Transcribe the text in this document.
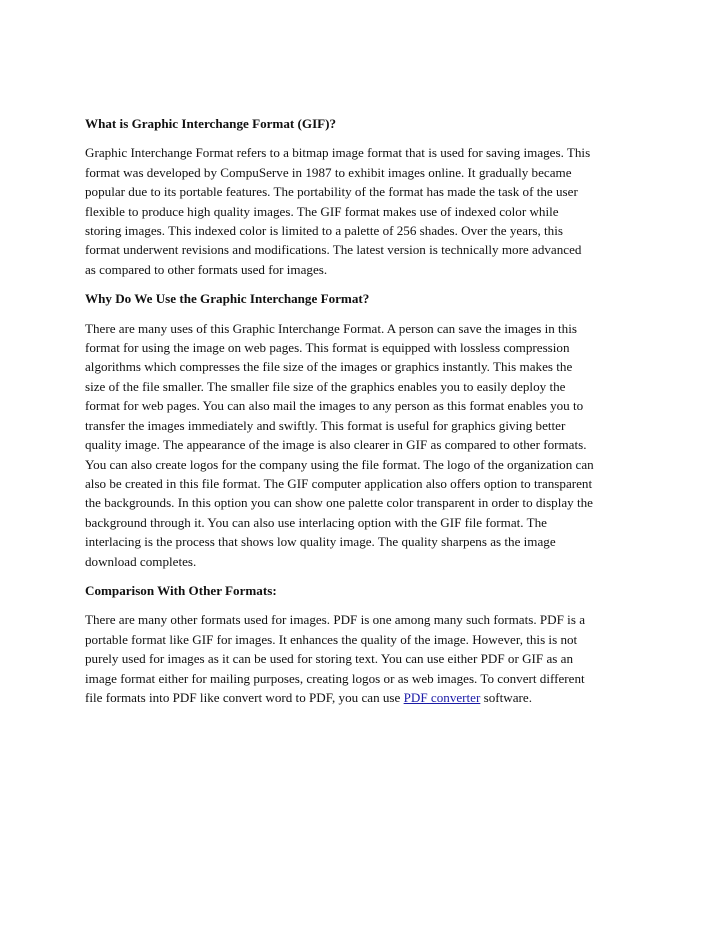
What is Graphic Interchange Format (GIF)?
Graphic Interchange Format refers to a bitmap image format that is used for saving images. This
format was developed by CompuServe in 1987 to exhibit images online. It gradually became
popular due to its portable features. The portability of the format has made the task of the user
flexible to produce high quality images. The GIF format makes use of indexed color while
storing images. This indexed color is limited to a palette of 256 shades. Over the years, this
format underwent revisions and modifications. The latest version is technically more advanced
as compared to other formats used for images.
Why Do We Use the Graphic Interchange Format?
There are many uses of this Graphic Interchange Format. A person can save the images in this
format for using the image on web pages. This format is equipped with lossless compression
algorithms which compresses the file size of the images or graphics instantly. This makes the
size of the file smaller. The smaller file size of the graphics enables you to easily deploy the
format for web pages. You can also mail the images to any person as this format enables you to
transfer the images immediately and swiftly. This format is useful for graphics giving better
quality image. The appearance of the image is also clearer in GIF as compared to other formats.
You can also create logos for the company using the file format. The logo of the organization can
also be created in this file format. The GIF computer application also offers option to transparent
the backgrounds. In this option you can show one palette color transparent in order to display the
background through it. You can also use interlacing option with the GIF file format. The
interlacing is the process that shows low quality image. The quality sharpens as the image
download completes.
Comparison With Other Formats:
There are many other formats used for images. PDF is one among many such formats. PDF is a
portable format like GIF for images. It enhances the quality of the image. However, this is not
purely used for images as it can be used for storing text. You can use either PDF or GIF as an
image format either for mailing purposes, creating logos or as web images. To convert different
file formats into PDF like convert word to PDF, you can use PDF converter software.
